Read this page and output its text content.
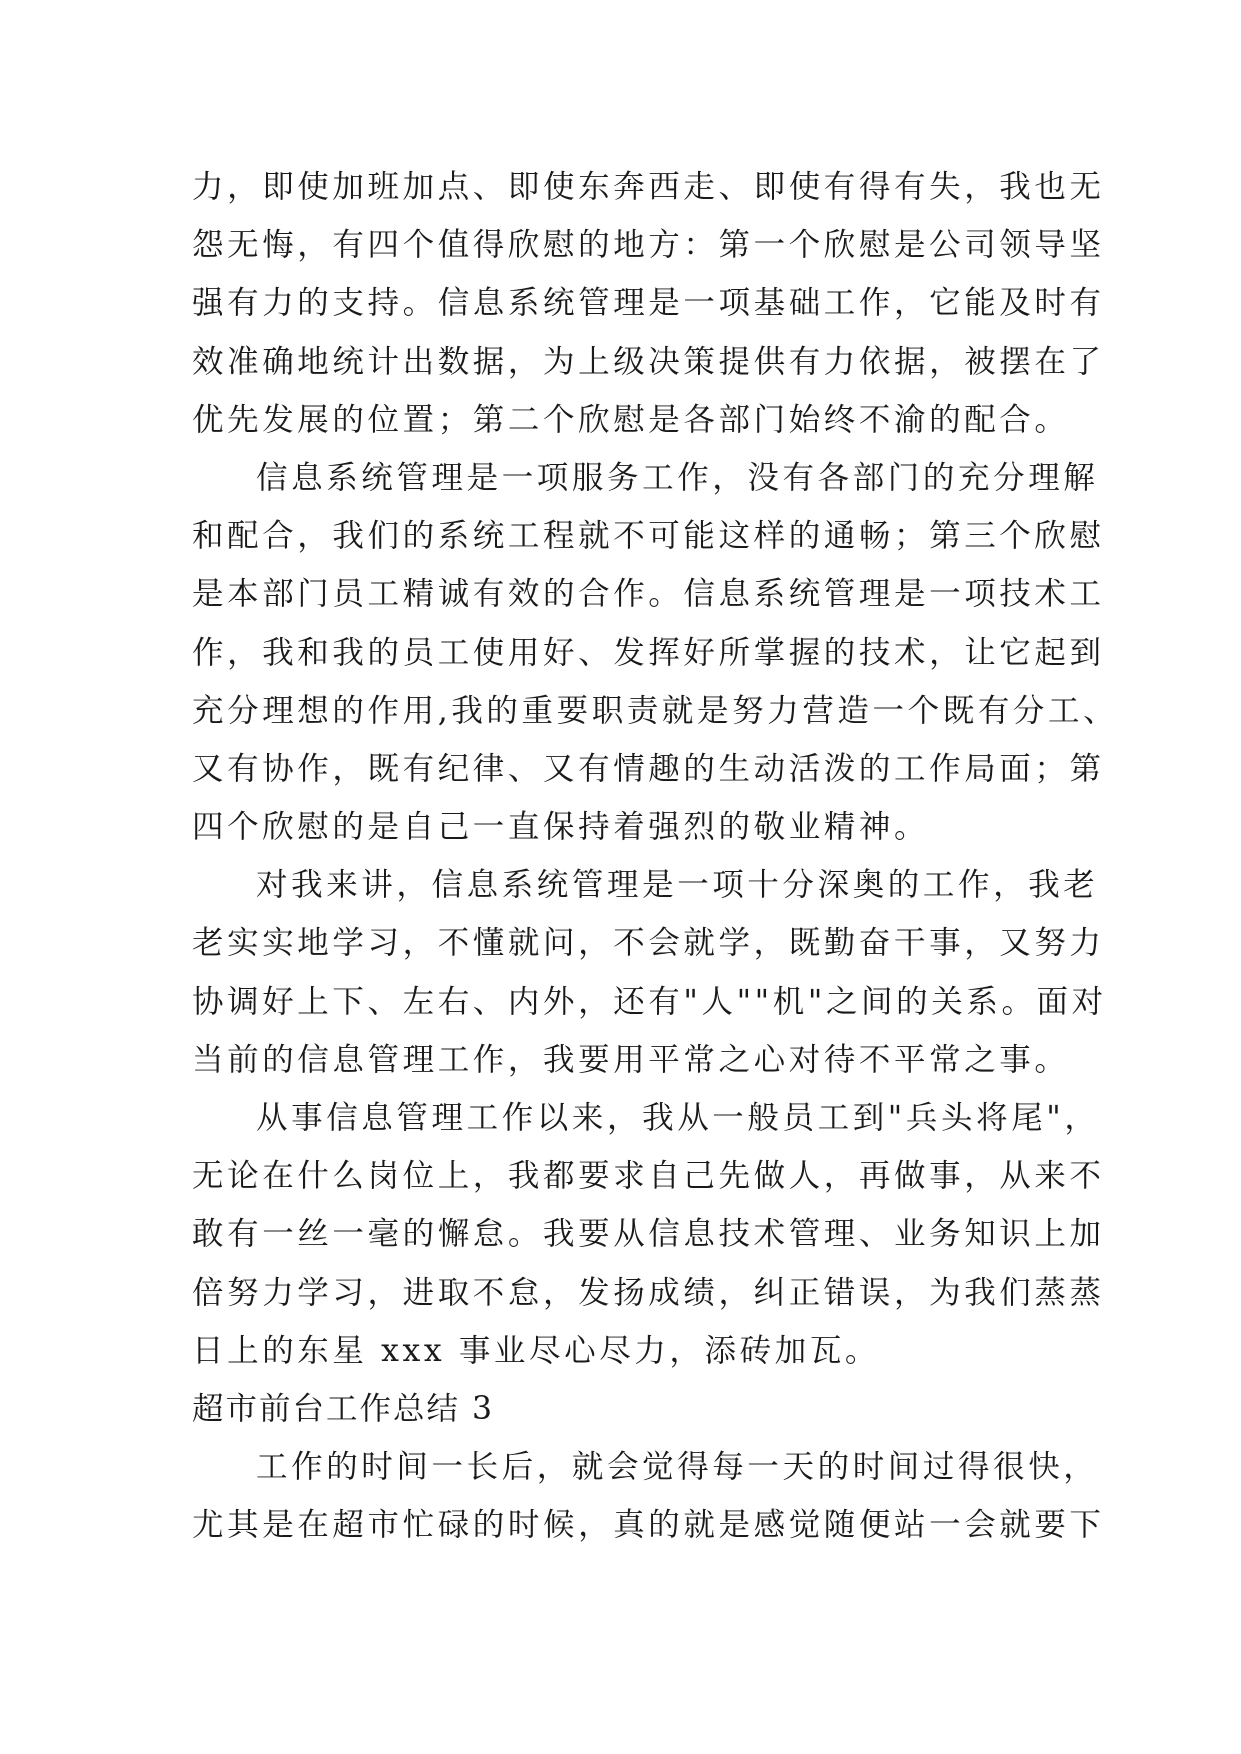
力，即使加班加点、即使东奔西走、即使有得有失，我也无
怨无悔，有四个值得欣慰的地方：第一个欣慰是公司领导坚
强有力的支持。信息系统管理是一项基础工作，它能及时有
效准确地统计出数据，为上级决策提供有力依据，被摆在了
优先发展的位置；第二个欣慰是各部门始终不渝的配合。
信息系统管理是一项服务工作，没有各部门的充分理解
和配合，我们的系统工程就不可能这样的通畅；第三个欣慰
是本部门员工精诚有效的合作。信息系统管理是一项技术工
作，我和我的员工使用好、发挥好所掌握的技术，让它起到
充分理想的作用,我的重要职责就是努力营造一个既有分工、
又有协作，既有纪律、又有情趣的生动活泼的工作局面；第
四个欣慰的是自己一直保持着强烈的敬业精神。
对我来讲，信息系统管理是一项十分深奥的工作，我老
老实实地学习，不懂就问，不会就学，既勤奋干事，又努力
协调好上下、左右、内外，还有"人""机"之间的关系。面对
当前的信息管理工作，我要用平常之心对待不平常之事。
从事信息管理工作以来，我从一般员工到"兵头将尾"，
无论在什么岗位上，我都要求自己先做人，再做事，从来不
敢有一丝一毫的懈怠。我要从信息技术管理、业务知识上加
倍努力学习，进取不怠，发扬成绩，纠正错误，为我们蒸蒸
日上的东星 xxx 事业尽心尽力，添砖加瓦。
超市前台工作总结 3
工作的时间一长后，就会觉得每一天的时间过得很快，
尤其是在超市忙碌的时候，真的就是感觉随便站一会就要下
